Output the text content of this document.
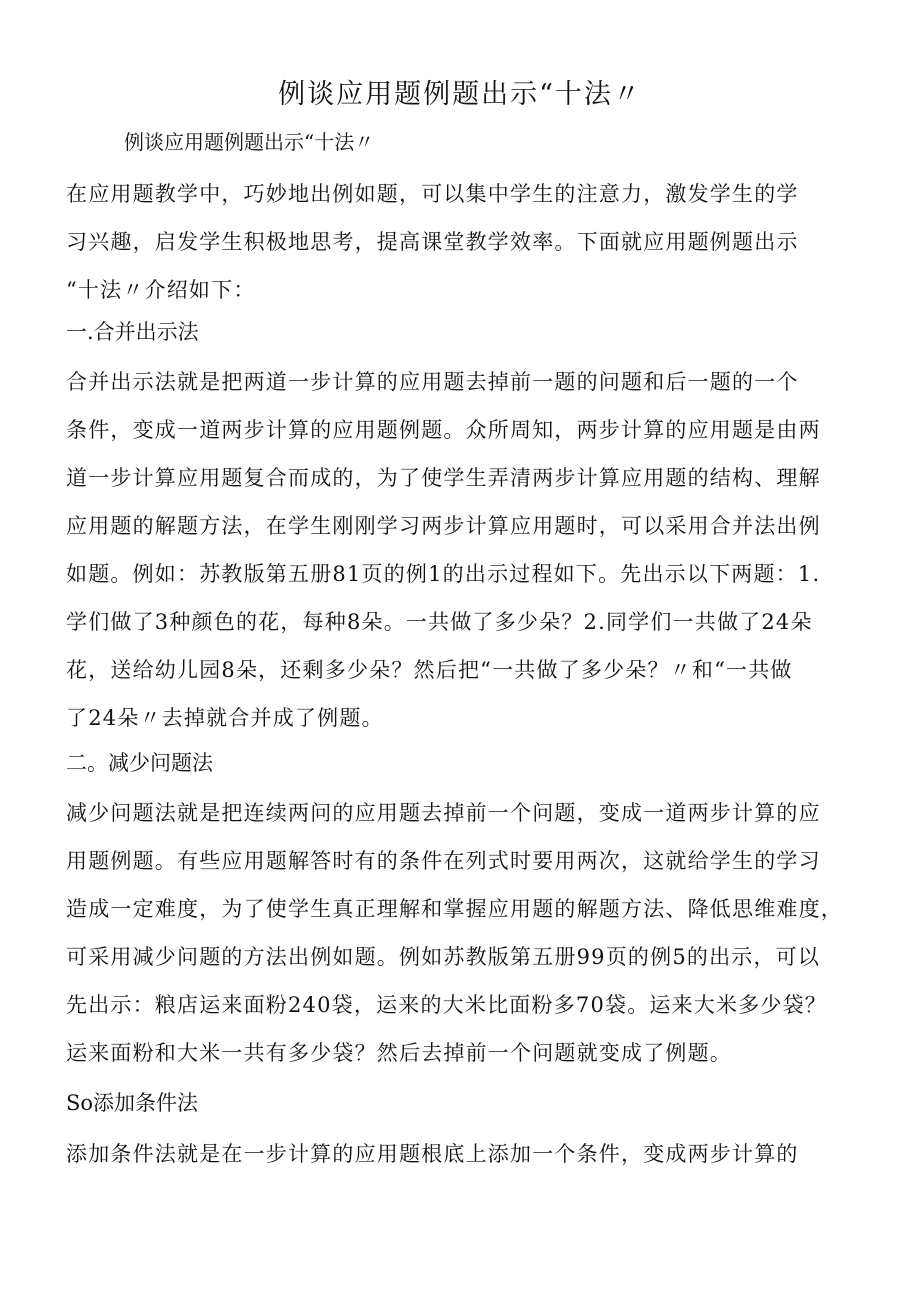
例谈应用题例题出示“十法〃

例谈应用题例题出示“十法〃

在应用题教学中，巧妙地出例如题，可以集中学生的注意力，激发学生的学
习兴趣，启发学生积极地思考，提高课堂教学效率。下面就应用题例题出示
“十法〃介绍如下：

一.合并出示法

合并出示法就是把两道一步计算的应用题去掉前一题的问题和后一题的一个
条件，变成一道两步计算的应用题例题。众所周知，两步计算的应用题是由两
道一步计算应用题复合而成的，为了使学生弄清两步计算应用题的结构、理解
应用题的解题方法，在学生刚刚学习两步计算应用题时，可以采用合并法出例
如题。例如：苏教版第五册81页的例1的出示过程如下。先出示以下两题：1.
学们做了3种颜色的花，每种8朵。一共做了多少朵？2.同学们一共做了24朵
花，送给幼儿园8朵，还剩多少朵？然后把“一共做了多少朵？〃和“一共做
了24朵〃去掉就合并成了例题。

二。减少问题法

减少问题法就是把连续两问的应用题去掉前一个问题，变成一道两步计算的应
用题例题。有些应用题解答时有的条件在列式时要用两次，这就给学生的学习
造成一定难度，为了使学生真正理解和掌握应用题的解题方法、降低思维难度，
可采用减少问题的方法出例如题。例如苏教版第五册99页的例5的出示，可以
先出示：粮店运来面粉240袋，运来的大米比面粉多70袋。运来大米多少袋？
运来面粉和大米一共有多少袋？然后去掉前一个问题就变成了例题。

So添加条件法

添加条件法就是在一步计算的应用题根底上添加一个条件，变成两步计算的
